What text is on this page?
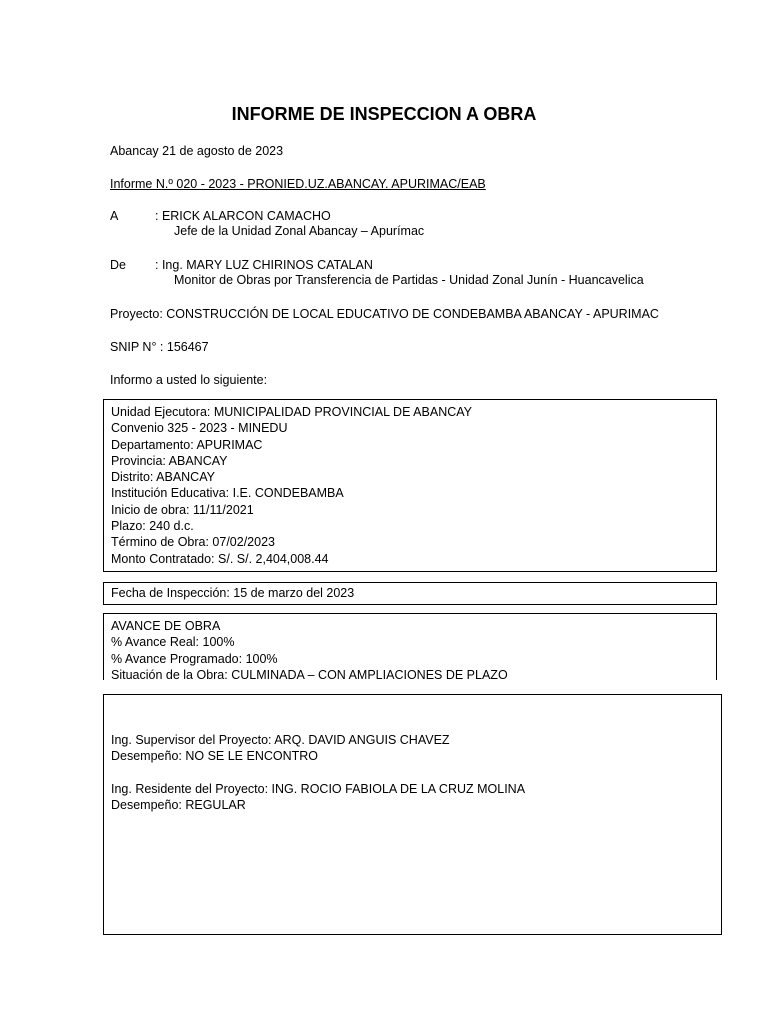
INFORME DE INSPECCION A OBRA
Abancay 21 de agosto de 2023
Informe N.º 020 - 2023 - PRONIED.UZ.ABANCAY. APURIMAC/EAB
A	: ERICK ALARCON CAMACHO
Jefe de la Unidad Zonal Abancay – Apurímac
De : Ing. MARY LUZ CHIRINOS CATALAN
Monitor de Obras por Transferencia de Partidas - Unidad Zonal Junín - Huancavelica
Proyecto: CONSTRUCCIÓN DE LOCAL EDUCATIVO DE CONDEBAMBA ABANCAY - APURIMAC
SNIP N° : 156467
Informo a usted lo siguiente:
Unidad Ejecutora: MUNICIPALIDAD PROVINCIAL DE ABANCAY
Convenio 325 - 2023 - MINEDU
Departamento: APURIMAC
Provincia: ABANCAY
Distrito: ABANCAY
Institución Educativa: I.E. CONDEBAMBA
Inicio de obra: 11/11/2021
Plazo: 240 d.c.
Término de Obra: 07/02/2023
Monto Contratado: S/. S/. 2,404,008.44
Fecha de Inspección: 15 de marzo del 2023
AVANCE DE OBRA
% Avance Real: 100%
% Avance Programado: 100%
Situación de la Obra: CULMINADA – CON AMPLIACIONES DE PLAZO
Ing. Supervisor del Proyecto: ARQ. DAVID ANGUIS CHAVEZ
Desempeño: NO SE LE ENCONTRO
Ing. Residente del Proyecto: ING. ROCIO FABIOLA DE LA CRUZ MOLINA
Desempeño: REGULAR
